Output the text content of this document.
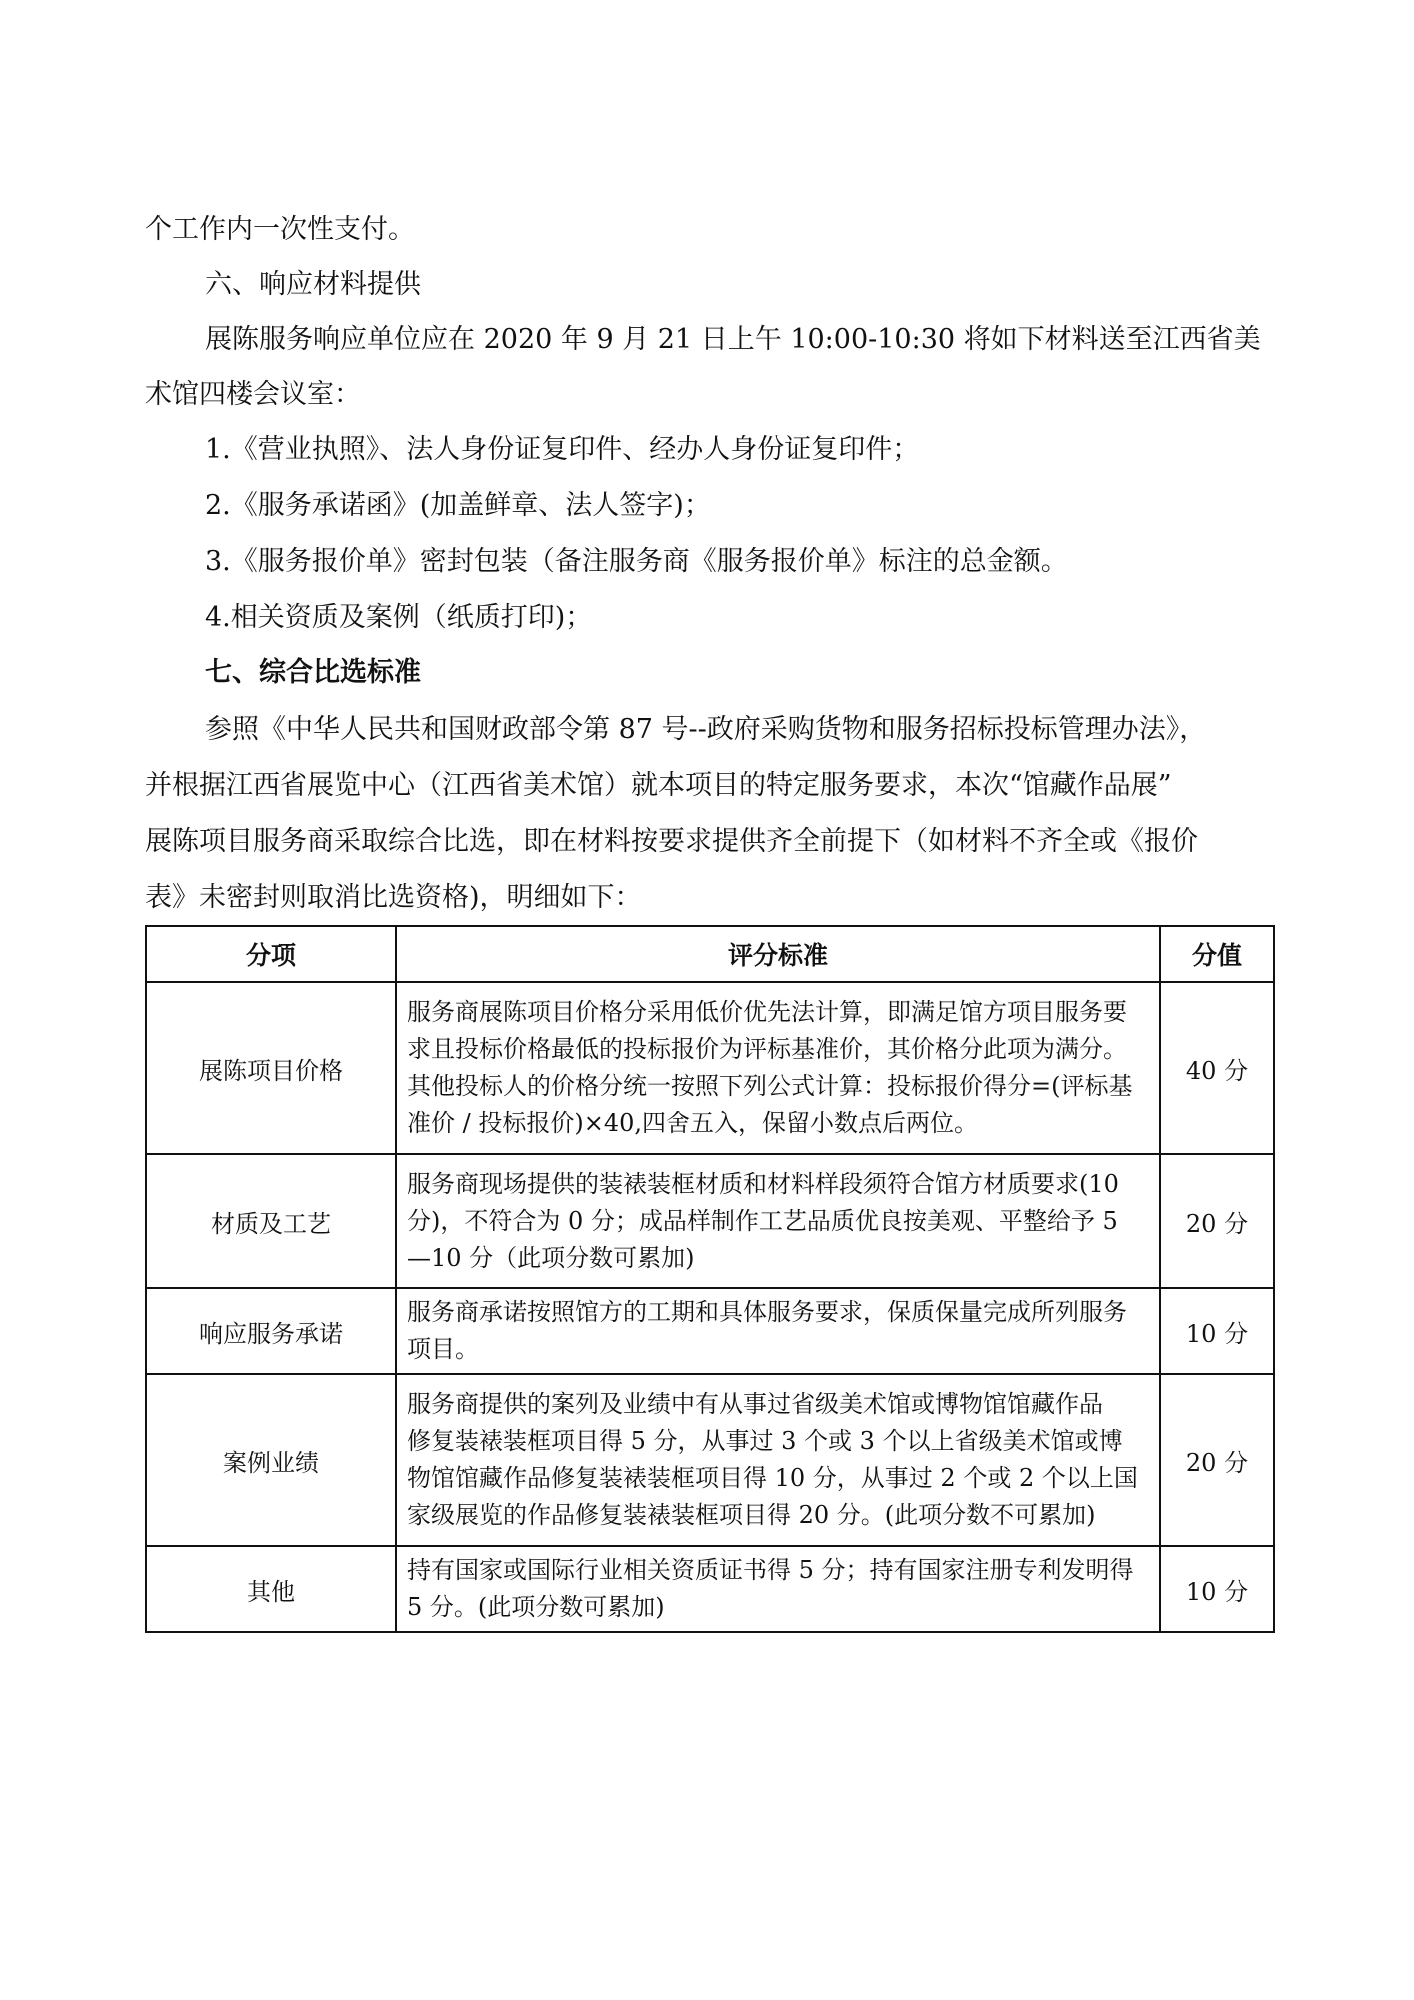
个工作内一次性支付。
六、响应材料提供
展陈服务响应单位应在 2020 年 9 月 21 日上午 10:00-10:30 将如下材料送至江西省美
术馆四楼会议室：
1.《营业执照》、法人身份证复印件、经办人身份证复印件；
2.《服务承诺函》(加盖鲜章、法人签字)；
3.《服务报价单》密封包装（备注服务商《服务报价单》标注的总金额。
4.相关资质及案例（纸质打印)；
七、综合比选标准
参照《中华人民共和国财政部令第 87 号--政府采购货物和服务招标投标管理办法》，
并根据江西省展览中心（江西省美术馆）就本项目的特定服务要求，本次“馆藏作品展”
展陈项目服务商采取综合比选，即在材料按要求提供齐全前提下（如材料不齐全或《报价
表》未密封则取消比选资格)，明细如下：
分项	评分标准	分值
展陈项目价格	服务商展陈项目价格分采用低价优先法计算，即满足馆方项目服务要
求且投标价格最低的投标报价为评标基准价，其价格分此项为满分。
其他投标人的价格分统一按照下列公式计算：投标报价得分=(评标基
准价 / 投标报价)×40,四舍五入，保留小数点后两位。	40 分
材质及工艺	服务商现场提供的装裱装框材质和材料样段须符合馆方材质要求(10
分)，不符合为 0 分；成品样制作工艺品质优良按美观、平整给予 5
—10 分（此项分数可累加)	20 分
响应服务承诺	服务商承诺按照馆方的工期和具体服务要求，保质保量完成所列服务
项目。	10 分
案例业绩	服务商提供的案列及业绩中有从事过省级美术馆或博物馆馆藏作品
修复装裱装框项目得 5 分，从事过 3 个或 3 个以上省级美术馆或博
物馆馆藏作品修复装裱装框项目得 10 分，从事过 2 个或 2 个以上国
家级展览的作品修复装裱装框项目得 20 分。(此项分数不可累加)	20 分
其他	持有国家或国际行业相关资质证书得 5 分；持有国家注册专利发明得
5 分。(此项分数可累加)	10 分
